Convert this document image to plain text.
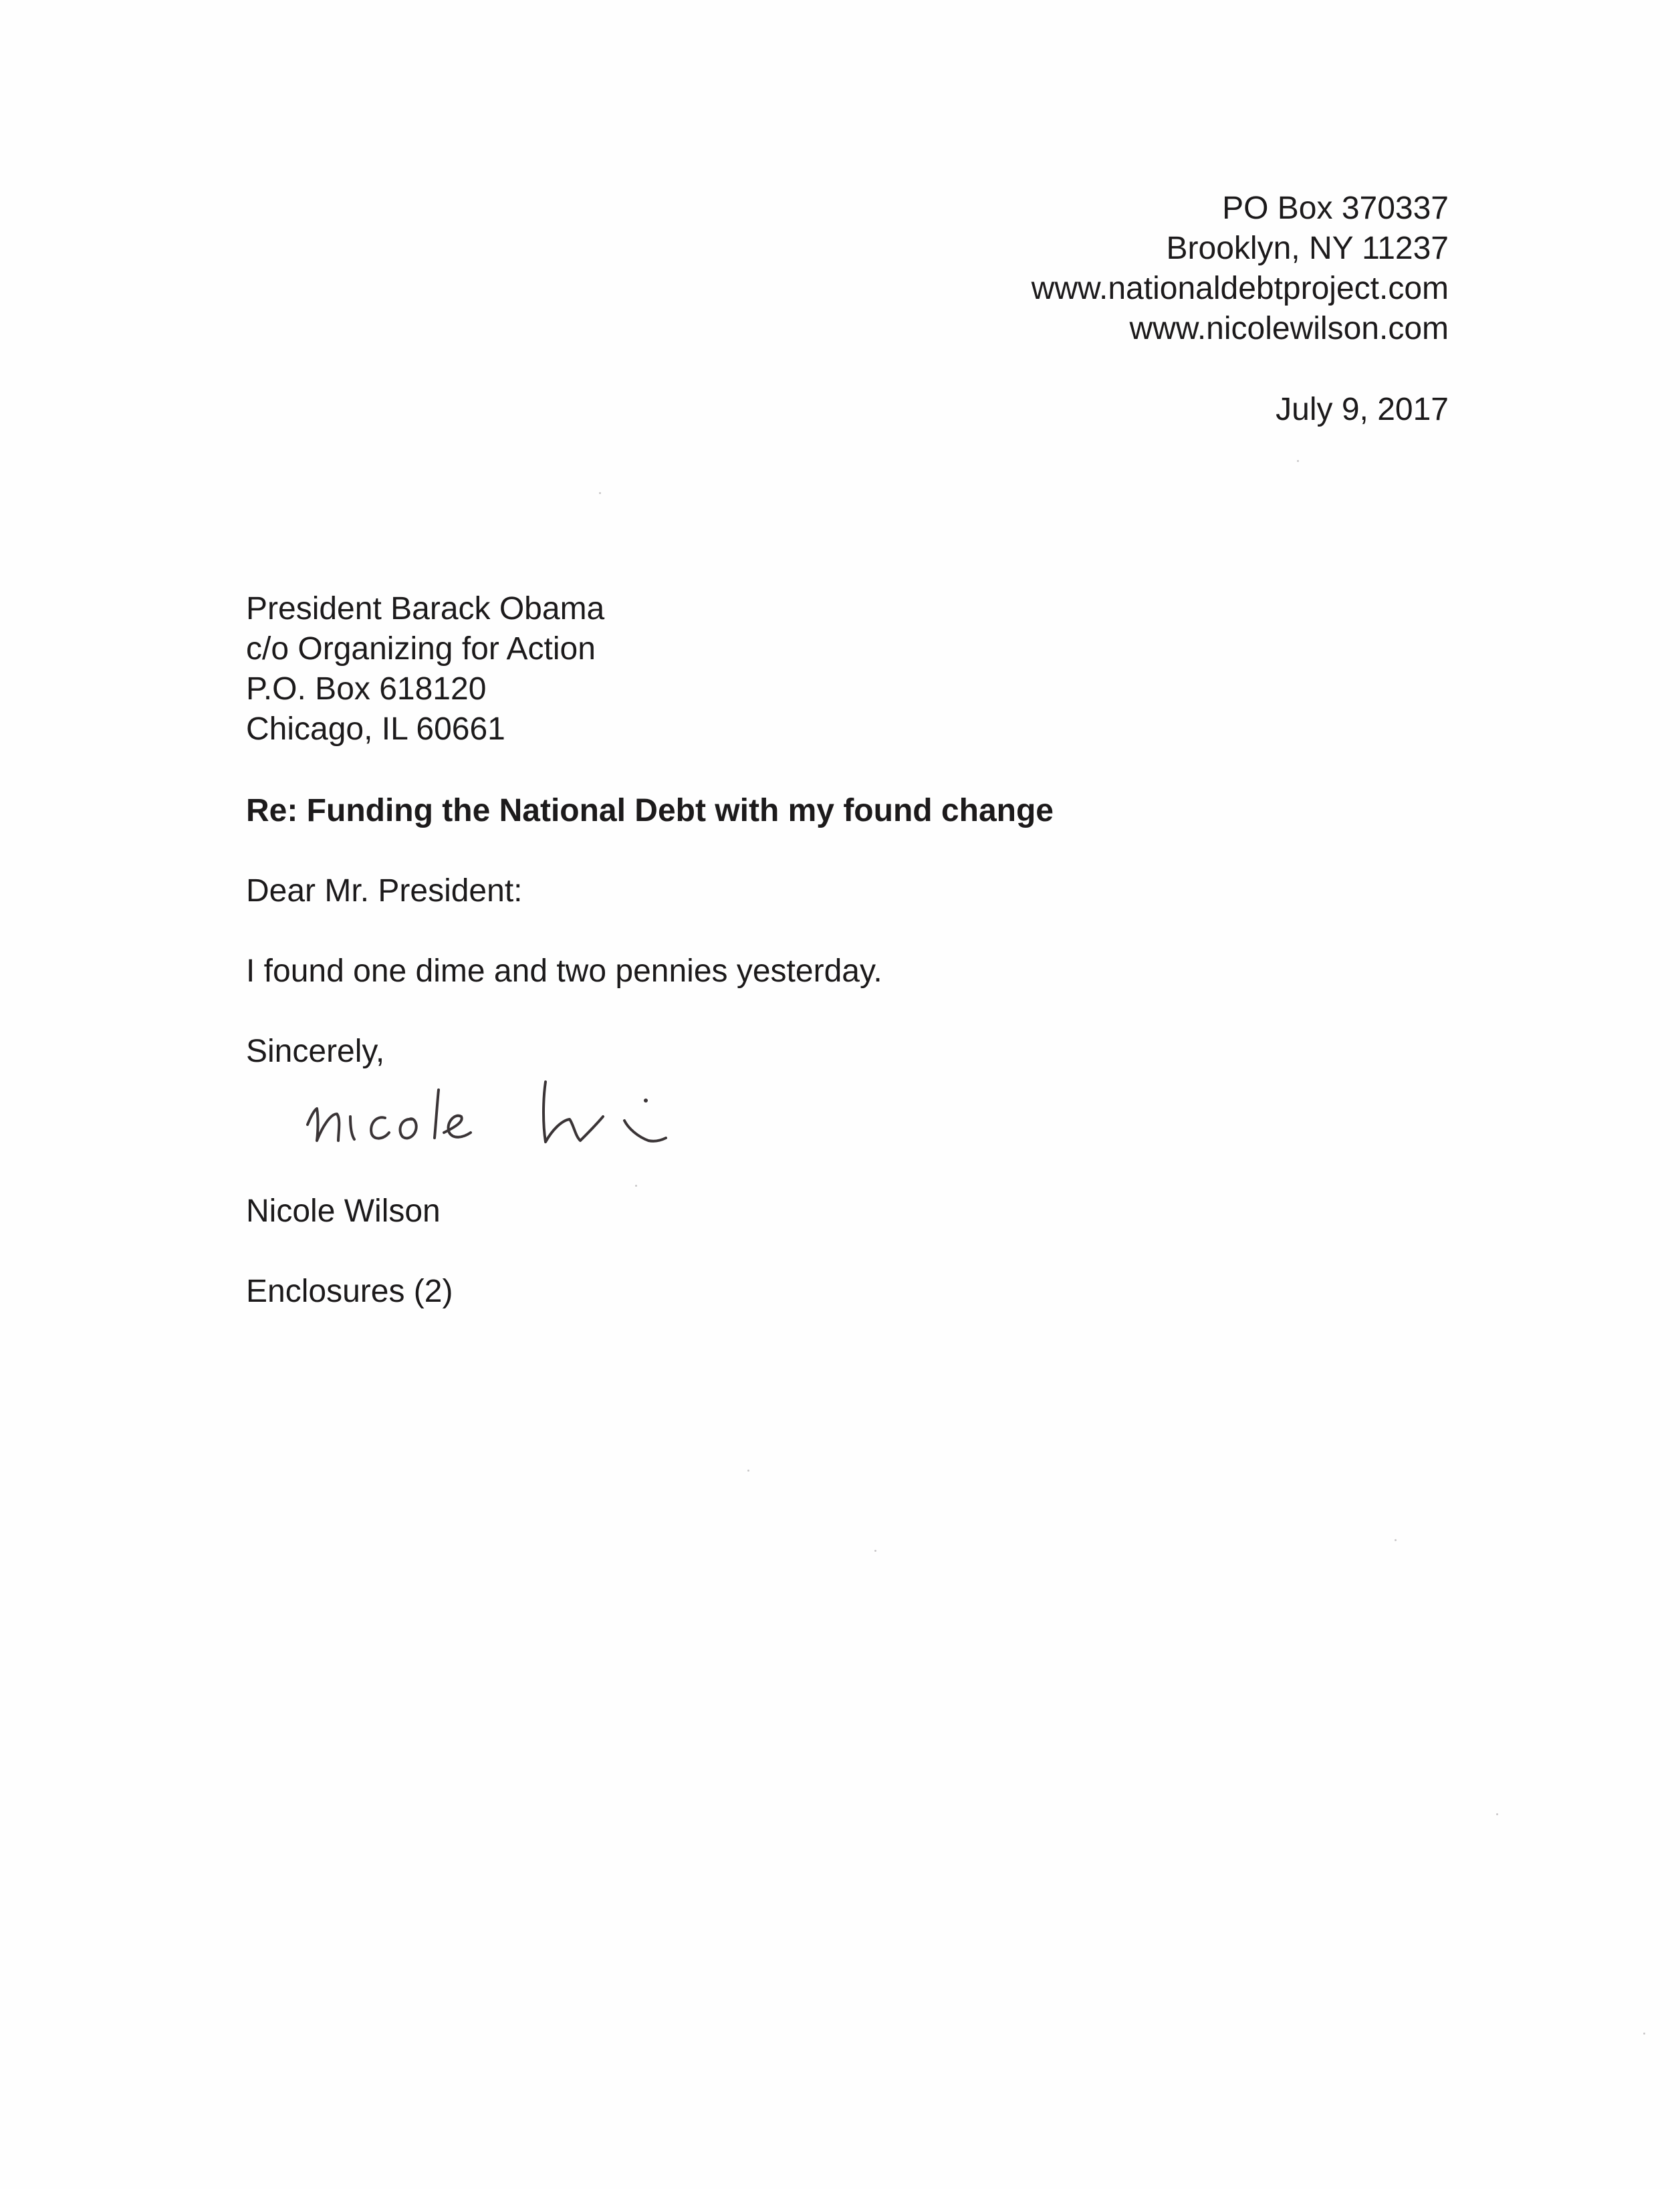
PO Box 370337
Brooklyn, NY 11237
www.nationaldebtproject.com
www.nicolewilson.com
July 9, 2017
President Barack Obama
c/o Organizing for Action
P.O. Box 618120
Chicago, IL 60661
Re: Funding the National Debt with my found change
Dear Mr. President:
I found one dime and two pennies yesterday.
Sincerely,
Nicole Wilson
Enclosures (2)
